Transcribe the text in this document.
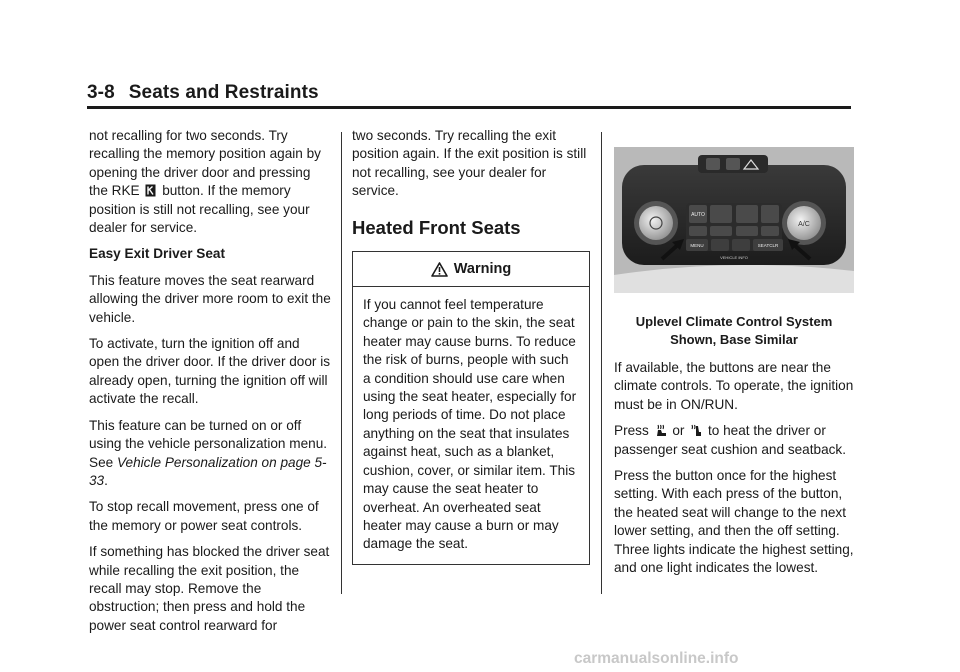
3-8 Seats and Restraints

not recalling for two seconds. Try recalling the memory position again by opening the driver door and pressing the RKE button. If the memory position is still not recalling, see your dealer for service.

Easy Exit Driver Seat

This feature moves the seat rearward allowing the driver more room to exit the vehicle.

To activate, turn the ignition off and open the driver door. If the driver door is already open, turning the ignition off will activate the recall.

This feature can be turned on or off using the vehicle personalization menu. See Vehicle Personalization on page 5-33.

To stop recall movement, press one of the memory or power seat controls.

If something has blocked the driver seat while recalling the exit position, the recall may stop. Remove the obstruction; then press and hold the power seat control rearward for

two seconds. Try recalling the exit position again. If the exit position is still not recalling, see your dealer for service.

Heated Front Seats

Warning
If you cannot feel temperature change or pain to the skin, the seat heater may cause burns. To reduce the risk of burns, people with such a condition should use care when using the seat heater, especially for long periods of time. Do not place anything on the seat that insulates against heat, such as a blanket, cushion, cover, or similar item. This may cause the seat heater to overheat. An overheated seat heater may cause a burn or may damage the seat.
A/C
AUTO
MENU	SEATCLR
VEHICLE INFO

Uplevel Climate Control System Shown, Base Similar

If available, the buttons are near the climate controls. To operate, the ignition must be in ON/RUN.

Press or to heat the driver or passenger seat cushion and seatback.

Press the button once for the highest setting. With each press of the button, the heated seat will change to the next lower setting, and then the off setting. Three lights indicate the highest setting, and one light indicates the lowest.

carmanualsonline.info
